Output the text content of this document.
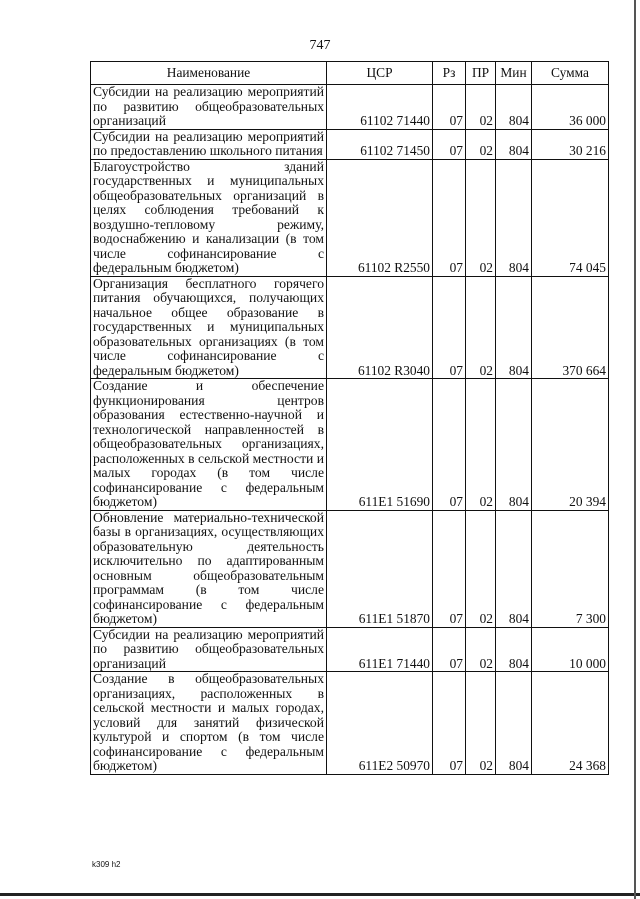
747
Наименование	ЦСР	Рз	ПР	Мин	Сумма
Субсидии на реализацию мероприятий по развитию общеобразовательных организаций	61102 71440	07	02	804	36 000
Субсидии на реализацию мероприятий по предоставлению школьного питания	61102 71450	07	02	804	30 216
Благоустройство зданий государственных и муниципальных общеобразовательных организаций в целях соблюдения требований к воздушно-тепловому режиму, водоснабжению и канализации (в том числе софинансирование с федеральным бюджетом)	61102 R2550	07	02	804	74 045
Организация бесплатного горячего питания обучающихся, получающих начальное общее образование в государственных и муниципальных образовательных организациях (в том числе софинансирование с федеральным бюджетом)	61102 R3040	07	02	804	370 664
Создание и обеспечение функционирования центров образования естественно-научной и технологической направленностей в общеобразовательных организациях, расположенных в сельской местности и малых городах (в том числе софинансирование с федеральным бюджетом)	611E1 51690	07	02	804	20 394
Обновление материально-технической базы в организациях, осуществляющих образовательную деятельность исключительно по адаптированным основным общеобразовательным программам (в том числе софинансирование с федеральным бюджетом)	611E1 51870	07	02	804	7 300
Субсидии на реализацию мероприятий по развитию общеобразовательных организаций	611E1 71440	07	02	804	10 000
Создание в общеобразовательных организациях, расположенных в сельской местности и малых городах, условий для занятий физической культурой и спортом (в том числе софинансирование с федеральным бюджетом)	611E2 50970	07	02	804	24 368
k309 h2
